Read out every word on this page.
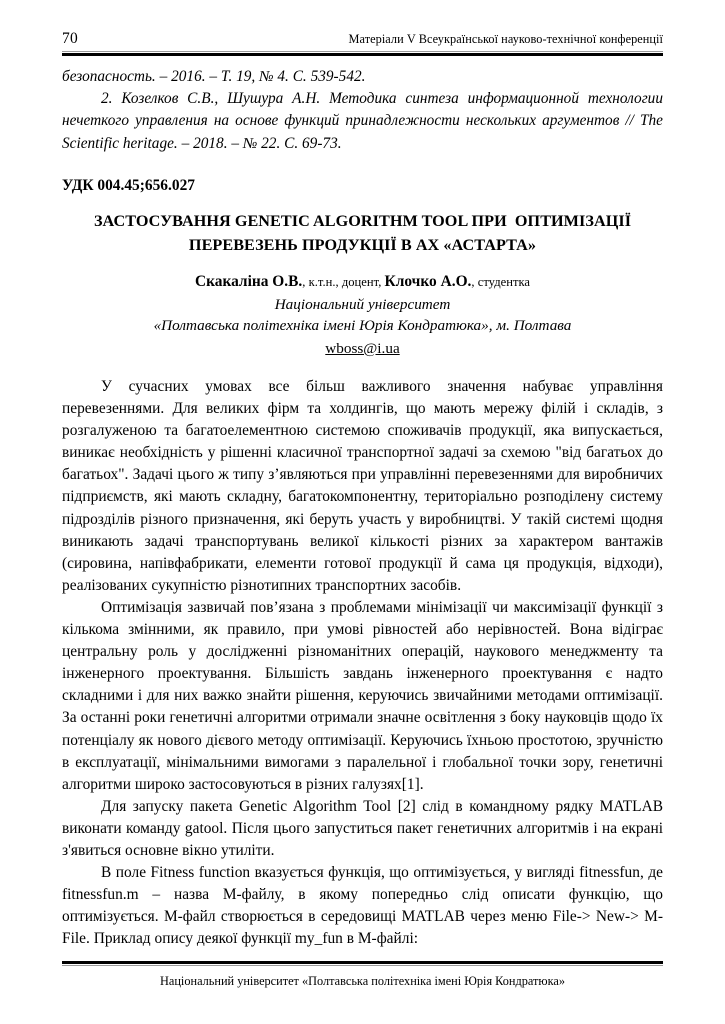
70	Матеріали V Всеукраїнської науково-технічної конференції

безопасность. – 2016. – Т. 19, № 4. С. 539-542.

2. Козелков С.В., Шушура А.Н. Методика синтеза информационной технологии нечеткого управления на основе функций принадлежности нескольких аргументов // The Scientific heritage. – 2018. – № 22. С. 69-73.

УДК 004.45;656.027

ЗАСТОСУВАННЯ GENETIC ALGORITHM TOOL ПРИ  ОПТИМІЗАЦІЇ ПЕРЕВЕЗЕНЬ ПРОДУКЦІЇ В АХ «АСТАРТА»

Скакаліна О.В., к.т.н., доцент, Клочко А.О., студентка

Національний університет

«Полтавська політехніка імені Юрія Кондратюка», м. Полтава

wboss@i.ua

У сучасних умовах все більш важливого значення набуває управління перевезеннями. Для великих фірм та холдингів, що мають мережу філій і складів, з розгалуженою та багатоелементною системою споживачів продукції, яка випускається, виникає необхідність у рішенні класичної транспортної задачі за схемою "від багатьох до багатьох". Задачі цього ж типу з’являються при управлінні перевезеннями для виробничих підприємств, які мають складну, багатокомпонентну, територіально розподілену систему підрозділів різного призначення, які беруть участь у виробництві. У такій системі щодня виникають задачі транспортувань великої кількості різних за характером вантажів (сировина, напівфабрикати, елементи готової продукції й сама ця продукція, відходи), реалізованих сукупністю різнотипних транспортних засобів.

Оптимізація зазвичай пов’язана з проблемами мінімізації чи максимізації функції з кількома змінними, як правило, при умові рівностей або нерівностей. Вона відіграє центральну роль у дослідженні різноманітних операцій, наукового менеджменту та інженерного проектування. Більшість завдань інженерного проектування є надто складними і для них важко знайти рішення, керуючись звичайними методами оптимізації. За останні роки генетичні алгоритми отримали значне освітлення з боку науковців щодо їх потенціалу як нового дієвого методу оптимізації. Керуючись їхньою простотою, зручністю в експлуатації, мінімальними вимогами з паралельної і глобальної точки зору, генетичні алгоритми широко застосовуються в різних галузях[1].

Для запуску пакета Genetic Algorithm Tool [2] слід в командному рядку MATLAB виконати команду gatool. Після цього запуститься пакет генетичних алгоритмів і на екрані з'явиться основне вікно утиліти.

В поле Fitness function вказується функція, що оптимізується, у вигляді fitnessfun, де fitnessfun.m – назва М-файлу, в якому попередньо слід описати функцію, що оптимізується. М-файл створюється в середовищі MATLAB через меню File-> New-> M-File. Приклад опису деякої функції my_fun в М-файлі:

Національний університет «Полтавська політехніка імені Юрія Кондратюка»
